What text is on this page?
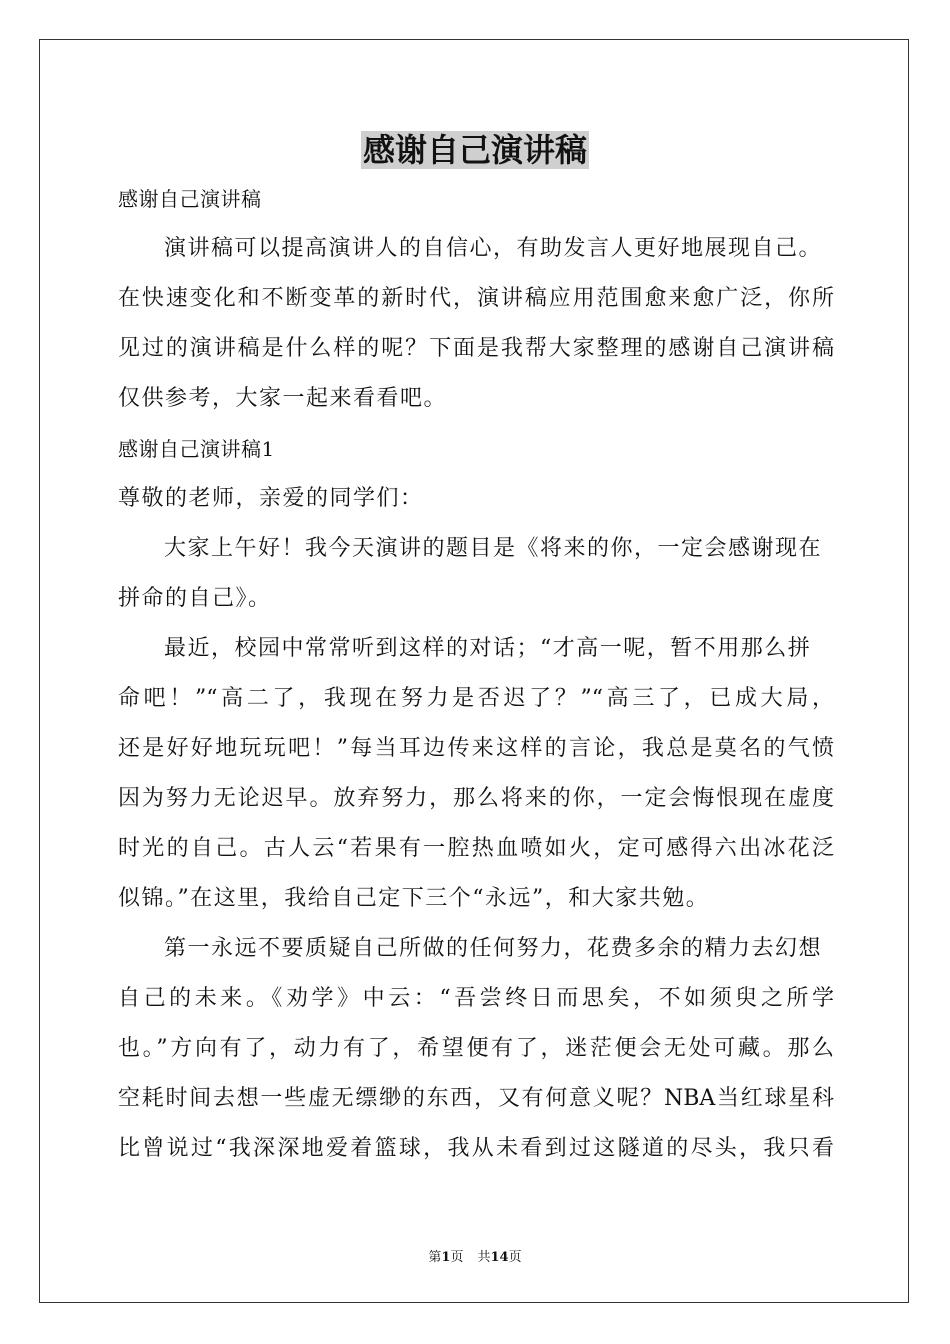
感谢自己演讲稿
感谢自己演讲稿
演讲稿可以提高演讲人的自信心，有助发言人更好地展现自己。
在快速变化和不断变革的新时代，演讲稿应用范围愈来愈广泛，你所
见过的演讲稿是什么样的呢？下面是我帮大家整理的感谢自己演讲稿
仅供参考，大家一起来看看吧。
感谢自己演讲稿1
尊敬的老师，亲爱的同学们：
大家上午好！我今天演讲的题目是《将来的你，一定会感谢现在
拼命的自己》。
最近，校园中常常听到这样的对话；“才高一呢，暂不用那么拼
命吧！”“高二了，我现在努力是否迟了？”“高三了，已成大局，
还是好好地玩玩吧！”每当耳边传来这样的言论，我总是莫名的气愤
因为努力无论迟早。放弃努力，那么将来的你，一定会悔恨现在虚度
时光的自己。古人云“若果有一腔热血喷如火，定可感得六出冰花泛
似锦。”在这里，我给自己定下三个“永远”，和大家共勉。
第一永远不要质疑自己所做的任何努力，花费多余的精力去幻想
自己的未来。《劝学》中云：“吾尝终日而思矣，不如须臾之所学
也。”方向有了，动力有了，希望便有了，迷茫便会无处可藏。那么
空耗时间去想一些虚无缥缈的东西，又有何意义呢？NBA当红球星科
比曾说过“我深深地爱着篮球，我从未看到过这隧道的尽头，我只看
第1页 共14页
